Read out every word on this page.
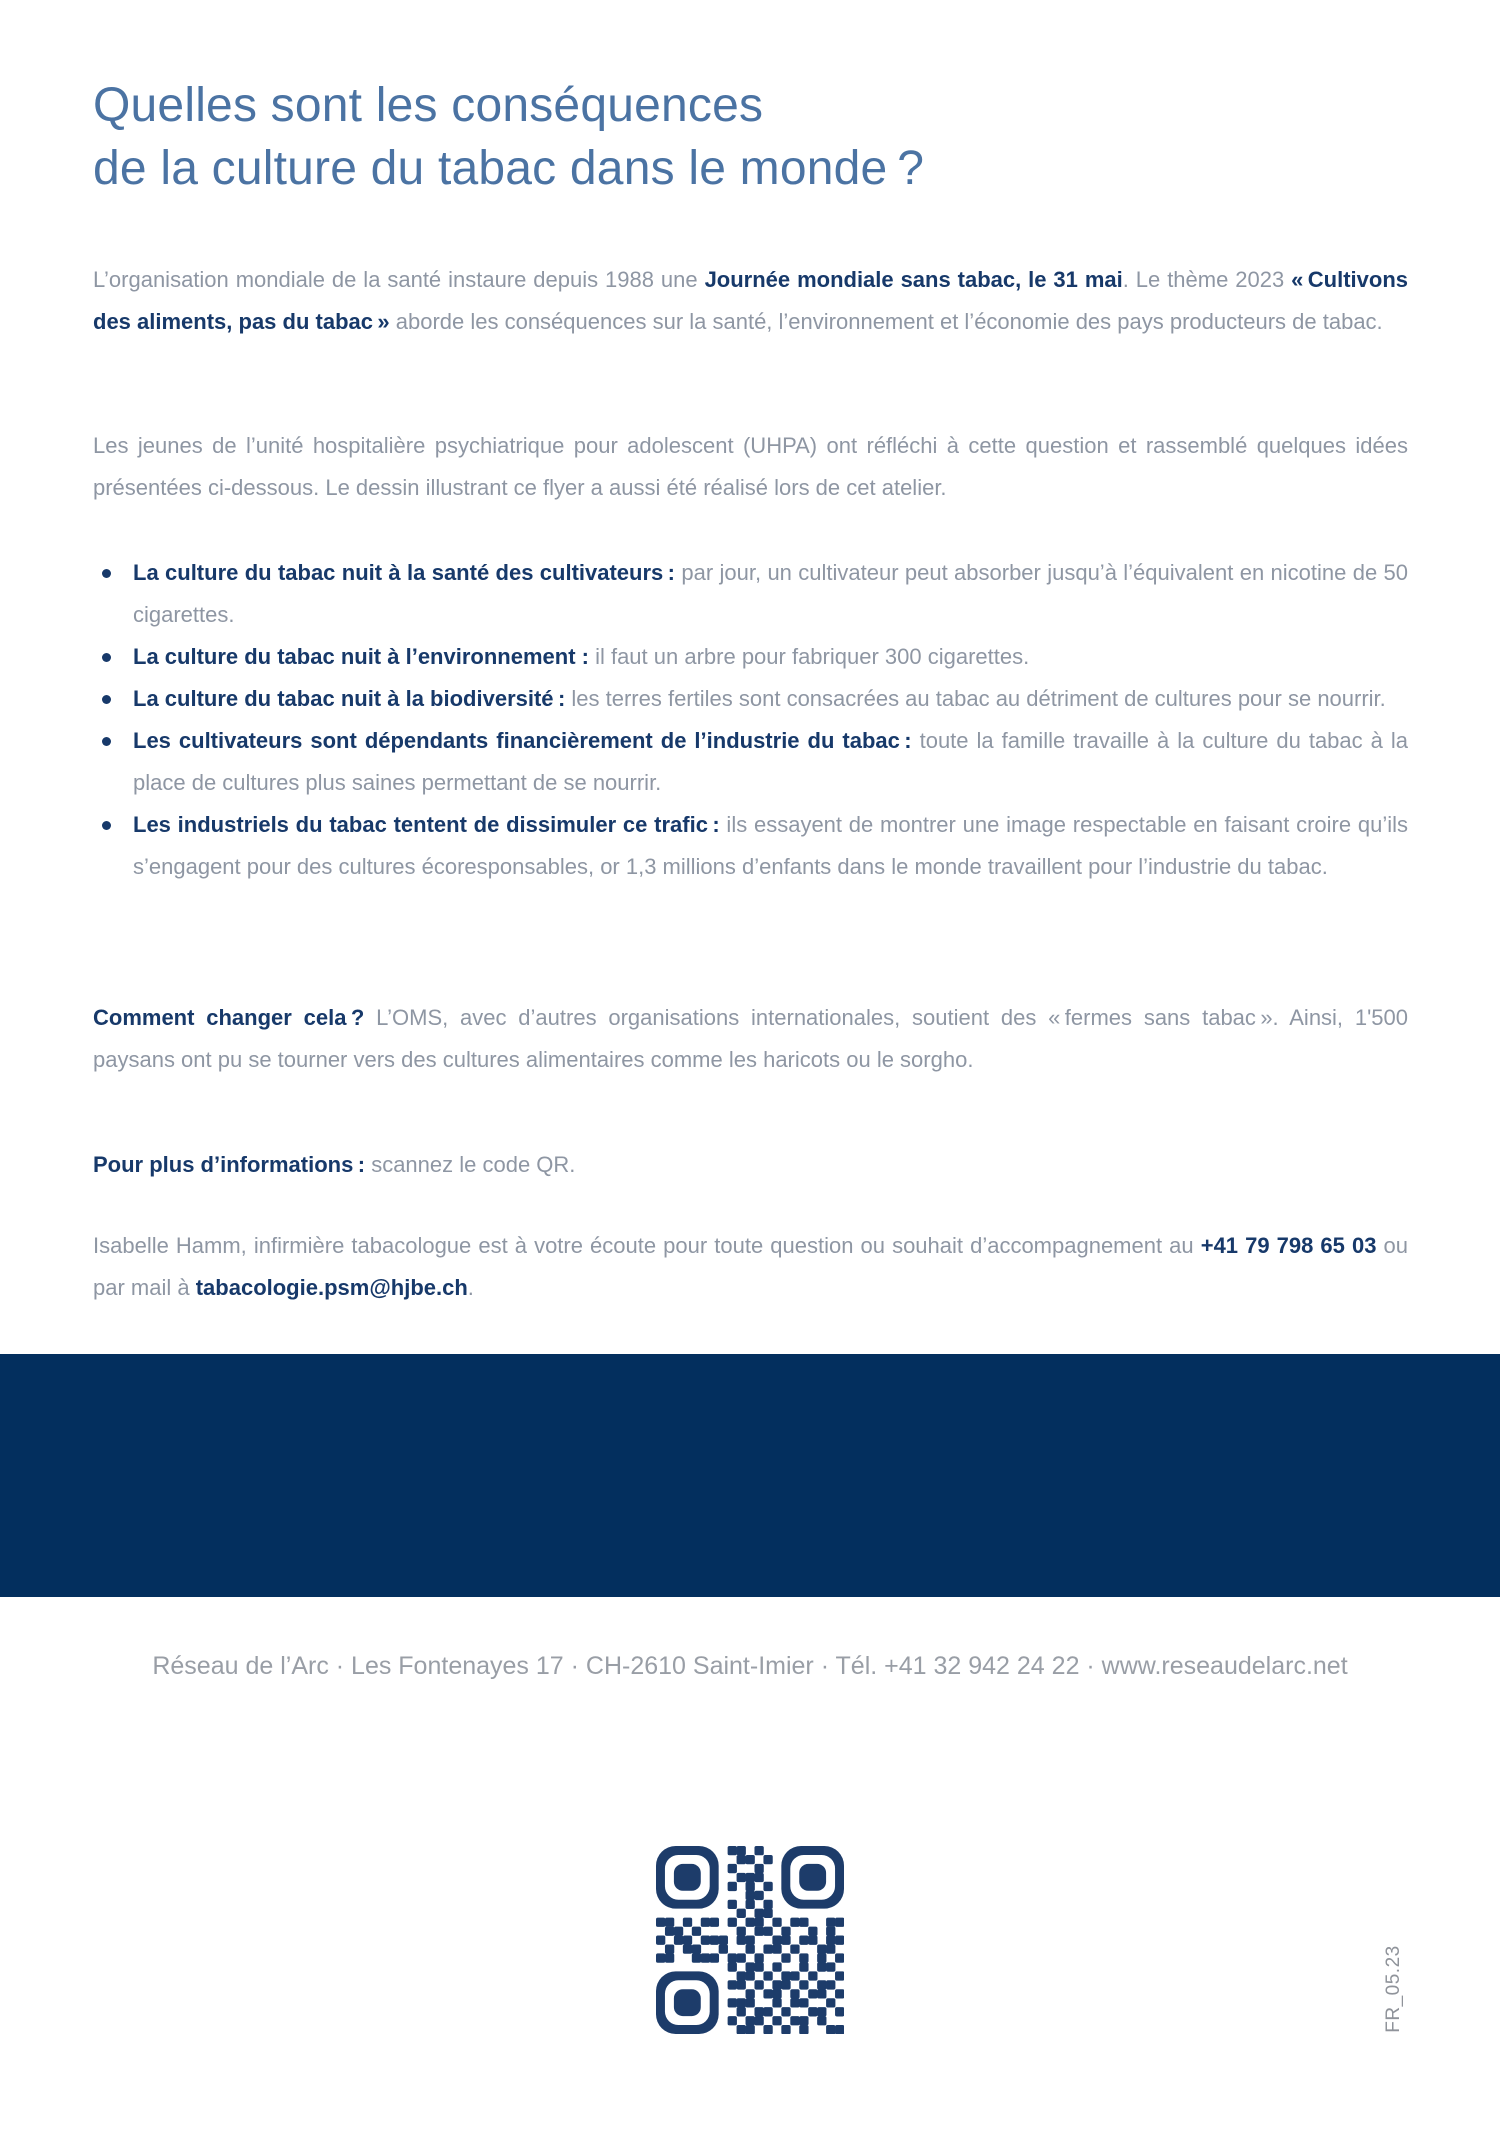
Quelles sont les conséquences
de la culture du tabac dans le monde ?

L’organisation mondiale de la santé instaure depuis 1988 une Journée mondiale sans tabac, le 31 mai. Le thème 2023 « Cultivons des aliments, pas du tabac » aborde les conséquences sur la santé, l’environnement et l’économie des pays producteurs de tabac.

Les jeunes de l’unité hospitalière psychiatrique pour adolescent (UHPA) ont réfléchi à cette question et rassemblé quelques idées présentées ci-dessous. Le dessin illustrant ce flyer a aussi été réalisé lors de cet atelier.

La culture du tabac nuit à la santé des cultivateurs : par jour, un cultivateur peut absorber jusqu’à l’équivalent en nicotine de 50 cigarettes.
La culture du tabac nuit à l’environnement : il faut un arbre pour fabriquer 300 cigarettes.
La culture du tabac nuit à la biodiversité : les terres fertiles sont consacrées au tabac au détriment de cultures pour se nourrir.
Les cultivateurs sont dépendants financièrement de l’industrie du tabac : toute la famille travaille à la culture du tabac à la place de cultures plus saines permettant de se nourrir.
Les industriels du tabac tentent de dissimuler ce trafic : ils essayent de montrer une image respectable en faisant croire qu’ils s’engagent pour des cultures écoresponsables, or 1,3 millions d’enfants dans le monde travaillent pour l’industrie du tabac.

Comment changer cela ? L’OMS, avec d’autres organisations internationales, soutient des « fermes sans tabac ». Ainsi, 1'500 paysans ont pu se tourner vers des cultures alimentaires comme les haricots ou le sorgho.

Pour plus d’informations : scannez le code QR.

Isabelle Hamm, infirmière tabacologue est à votre écoute pour toute question ou souhait d’accompagnement au +41 79 798 65 03 ou par mail à tabacologie.psm@hjbe.ch.

Réseau de l’Arc · Les Fontenayes 17 · CH-2610 Saint-Imier · Tél. +41 32 942 24 22 · www.reseaudelarc.net
FR_05.23
